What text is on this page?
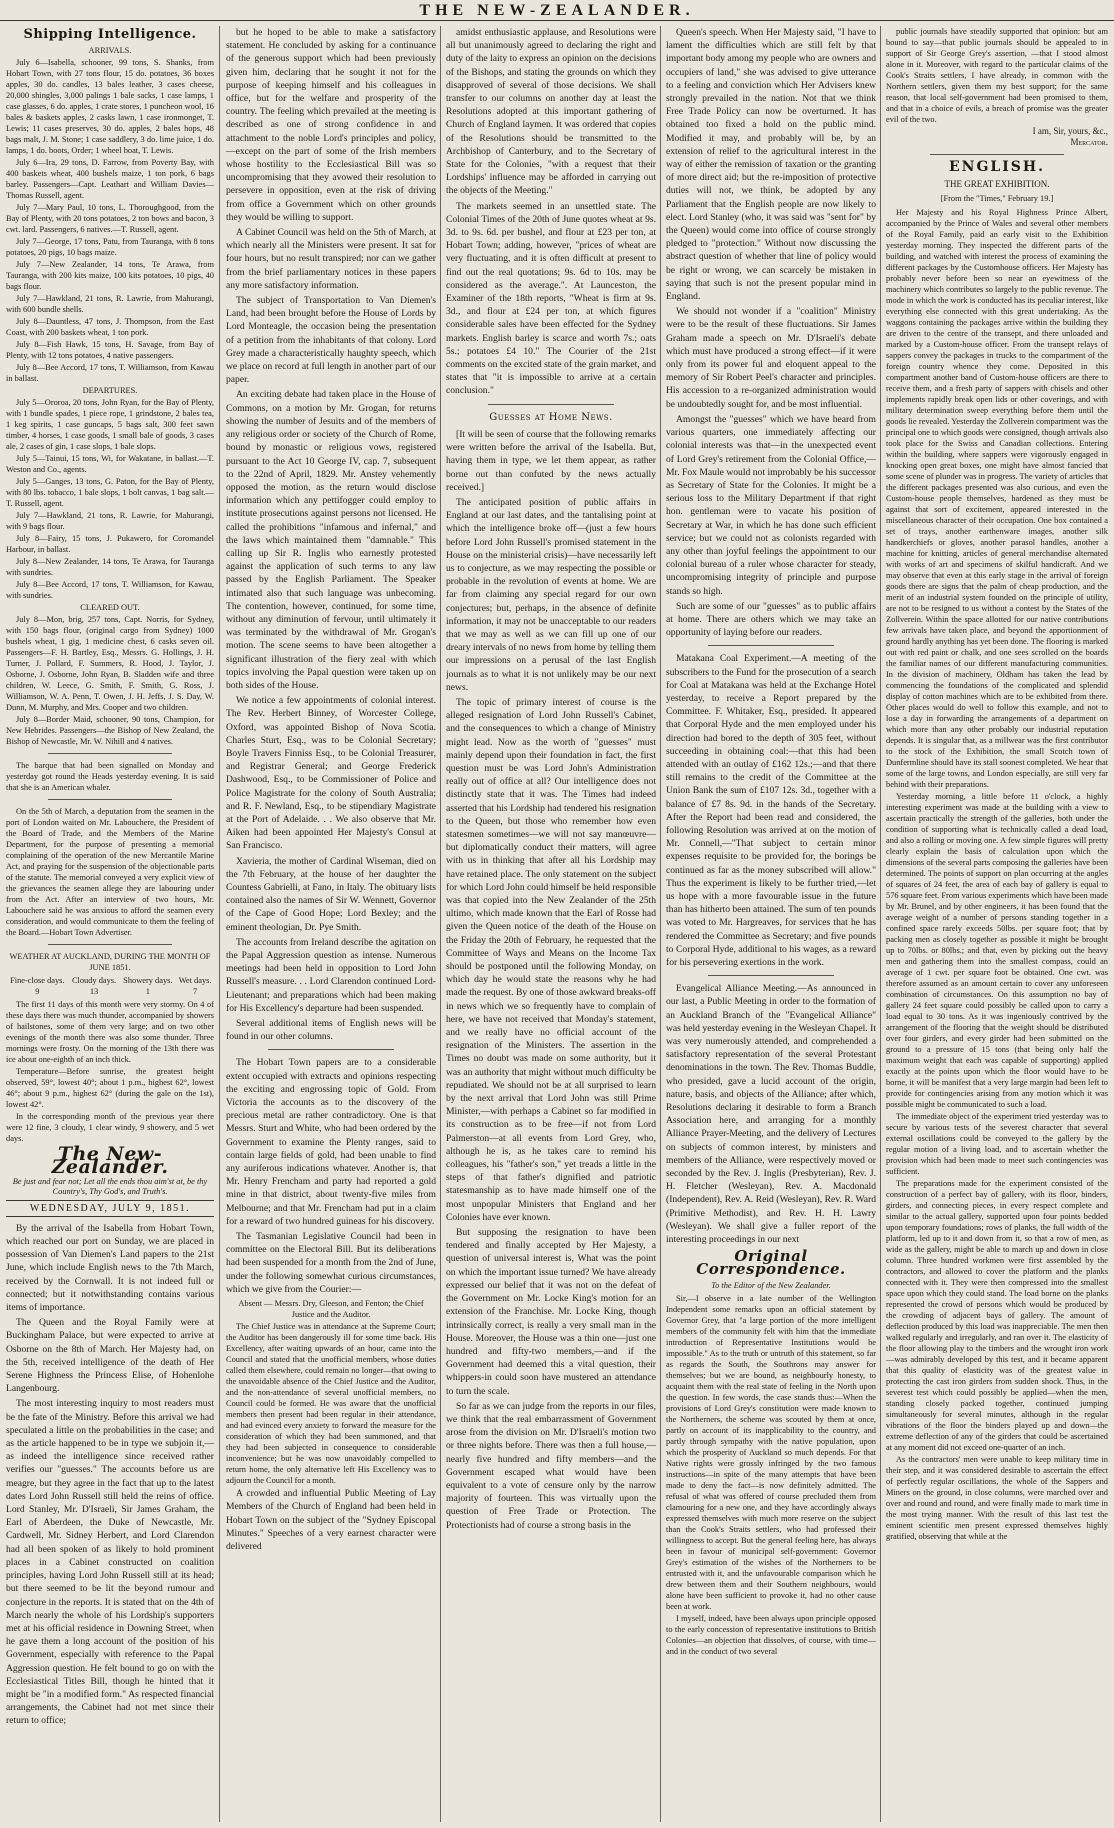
THE NEW-ZEALANDER.
Shipping Intelligence.

ARRIVALS.

July 6—Isabella, schooner, 99 tons, S. Shanks, from Hobart Town, with 27 tons flour, 15 do. potatoes, 36 boxes apples, 30 do. candles, 13 bales leather, 3 cases cheese, 20,000 shingles, 3,000 palings 1 bale sacks, 1 case lamps, 1 case glasses, 6 do. apples, 1 crate stores, 1 puncheon wool, 16 bales & baskets apples, 2 casks lawn, 1 case ironmonget, T. Lewis; 11 cases preserves, 30 do. apples, 2 bales hops, 48 bags malt, J. M. Stone; 1 case saddlery, 3 do. lime juice, 1 do. lamps, 1 do. boots, Order; 1 wheel boat, T. Lewis.

July 6—Ira, 29 tons, D. Farrow, from Poverty Bay, with 400 baskets wheat, 400 bushels maize, 1 ton pork, 6 bags barley. Passengers—Capt. Leathart and William Davies—Thomas Russell, agent.

July 7—Mary Paul, 10 tons, L. Thoroughgood, from the Bay of Plenty, with 20 tons potatoes, 2 ton bows and bacon, 3 cwt. lard. Passengers, 6 natives.—T. Russell, agent.

July 7—George, 17 tons, Patu, from Tauranga, with 8 tons potatoes, 20 pigs, 10 bags maize.

July 7—New Zealander, 14 tons, Te Arawa, from Tauranga, with 200 kits maize, 100 kits potatoes, 10 pigs, 40 bags flour.

July 7—Hawkland, 21 tons, R. Lawrie, from Mahurangi, with 600 bundle shells.

July 8—Dauntless, 47 tons, J. Thompson, from the East Coast, with 200 baskets wheat, 1 ton pork.

July 8—Fish Hawk, 15 tons, H. Savage, from Bay of Plenty, with 12 tons potatoes, 4 native passengers.

July 8—Bee Accord, 17 tons, T. Williamson, from Kawau in ballast.

DEPARTURES.

July 5—Ororoa, 20 tons, John Ryan, for the Bay of Plenty, with 1 bundle spades, 1 piece rope, 1 grindstone, 2 bales tea, 1 keg spirits, 1 case guncaps, 5 bags salt, 300 feet sawn timber, 4 horses, 1 case goods, 1 small bale of goods, 3 cases ale, 2 cases of gin, 1 case slops, 1 bale slops.

July 5—Tainui, 15 tons, Wi, for Wakatane, in ballast.—T. Weston and Co., agents.

July 5—Ganges, 13 tons, G. Paton, for the Bay of Plenty, with 80 lbs. tobacco, 1 bale slops, 1 bolt canvas, 1 bag salt.—T. Russell, agent.

July 7—Hawkland, 21 tons, R. Lawrie, for Mahurangi, with 9 bags flour.

July 8—Fairy, 15 tons, J. Pukawero, for Coromandel Harbour, in ballast.

July 8—New Zealander, 14 tons, Te Arawa, for Tauranga with sundries.

July 8—Bee Accord, 17 tons, T. Williamson, for Kawau, with sundries.

CLEARED OUT.

July 8—Mon, brig, 257 tons, Capt. Norris, for Sydney, with 150 bags flour, (original cargo from Sydney) 1000 bushels wheat, 1 gig, 1 medicine chest, 6 casks seven oil. Passengers—F. H. Bartley, Esq., Messrs. G. Hollings, J. H. Turner, J. Pollard, F. Summers, R. Hood, J. Taylor, J. Osborne, J. Osborne, John Ryan, B. Sladden wife and three children, W. Leece, G. Smith, F. Smith, G. Ross, J. Williamson, W. A. Penn, T. Owen, J. H. Jeffs, J. S. Day, W. Dunn, M. Murphy, and Mrs. Cooper and two children.

July 8—Border Maid, schooner, 90 tons, Champion, for New Hebrides. Passengers—the Bishop of New Zealand, the Bishop of Newcastle, Mr. W. Nihill and 4 natives.

The barque that had been signalled on Monday and yesterday got round the Heads yesterday evening. It is said that she is an American whaler.

On the 5th of March, a deputation from the seamen in the port of London waited on Mr. Labouchere, the President of the Board of Trade, and the Members of the Marine Department, for the purpose of presenting a memorial complaining of the operation of the new Mercantile Marine Act, and praying for the suspension of the objectionable parts of the statute. The memorial conveyed a very explicit view of the grievances the seamen allege they are labouring under from the Act. After an interview of two hours, Mr. Labouchere said he was anxious to afford the seamen every consideration, and would communicate to them the feeling of the Board.—Hobart Town Advertiser.

WEATHER AT AUCKLAND, DURING THE MONTH OF JUNE 1851.

Fine-close days.	Cloudy days.	Showery days.	Wet days.
9	13	1	7

The first 11 days of this month were very stormy. On 4 of these days there was much thunder, accompanied by showers of hailstones, some of them very large; and on two other evenings of the month there was also some thunder. Three mornings were frosty. On the morning of the 13th there was ice about one-eighth of an inch thick.

Temperature—Before sunrise, the greatest height observed, 59°, lowest 40°; about 1 p.m., highest 62°, lowest 46°; about 9 p.m., highest 62° (during the gale on the 1st), lowest 42°.

In the corresponding month of the previous year there were 12 fine, 3 cloudy, 1 clear windy, 9 showery, and 5 wet days.

The New-Zealander.
Be just and fear not; Let all the ends thou aim'st at, be thy Country's, Thy God's, and Truth's.
WEDNESDAY, JULY 9, 1851.

By the arrival of the Isabella from Hobart Town, which reached our port on Sunday, we are placed in possession of Van Diemen's Land papers to the 21st June, which include English news to the 7th March, received by the Cornwall. It is not indeed full or connected; but it notwithstanding contains various items of importance.

The Queen and the Royal Family were at Buckingham Palace, but were expected to arrive at Osborne on the 8th of March. Her Majesty had, on the 5th, received intelligence of the death of Her Serene Highness the Princess Elise, of Hohenlohe Langenbourg.

The most interesting inquiry to most readers must be the fate of the Ministry. Before this arrival we had speculated a little on the probabilities in the case; and as the article happened to be in type we subjoin it,—as indeed the intelligence since received rather verifies our "guesses." The accounts before us are meagre, but they agree in the fact that up to the latest dates Lord John Russell still held the reins of office. Lord Stanley, Mr. D'Israeli, Sir James Graham, the Earl of Aberdeen, the Duke of Newcastle, Mr. Cardwell, Mr. Sidney Herbert, and Lord Clarendon had all been spoken of as likely to hold prominent places in a Cabinet constructed on coalition principles, having Lord John Russell still at its head; but there seemed to be lit the beyond rumour and conjecture in the reports. It is stated that on the 4th of March nearly the whole of his Lordship's supporters met at his official residence in Downing Street, when he gave them a long account of the position of his Government, especially with reference to the Papal Aggression question. He felt bound to go on with the Ecclesiastical Titles Bill, though he hinted that it might be "in a modified form." As respected financial arrangements, the Cabinet had not met since their return to office;

but he hoped to be able to make a satisfactory statement. He concluded by asking for a continuance of the generous support which had been previously given him, declaring that he sought it not for the purpose of keeping himself and his colleagues in office, but for the welfare and prosperity of the country. The feeling which prevailed at the meeting is described as one of strong confidence in and attachment to the noble Lord's principles and policy,—except on the part of some of the Irish members whose hostility to the Ecclesiastical Bill was so uncompromising that they avowed their resolution to persevere in opposition, even at the risk of driving from office a Government which on other grounds they would be willing to support.

A Cabinet Council was held on the 5th of March, at which nearly all the Ministers were present. It sat for four hours, but no result transpired; nor can we gather from the brief parliamentary notices in these papers any more satisfactory information.

The subject of Transportation to Van Diemen's Land, had been brought before the House of Lords by Lord Monteagle, the occasion being the presentation of a petition from the inhabitants of that colony. Lord Grey made a characteristically haughty speech, which we place on record at full length in another part of our paper.

An exciting debate had taken place in the House of Commons, on a motion by Mr. Grogan, for returns showing the number of Jesuits and of the members of any religious order or society of the Church of Rome, bound by monastic or religious vows, registered pursuant to the Act 10 George IV, cap. 7, subsequent to the 22nd of April, 1829. Mr. Anstey vehemently opposed the motion, as the return would disclose information which any pettifogger could employ to institute prosecutions against persons not licensed. He called the prohibitions "infamous and infernal," and the laws which maintained them "damnable." This calling up Sir R. Inglis who earnestly protested against the application of such terms to any law passed by the English Parliament. The Speaker intimated also that such language was unbecoming. The contention, however, continued, for some time, without any diminution of fervour, until ultimately it was terminated by the withdrawal of Mr. Grogan's motion. The scene seems to have been altogether a significant illustration of the fiery zeal with which topics involving the Papal question were taken up on both sides of the House.

We notice a few appointments of colonial interest. The Rev. Herbert Binney, of Worcester College, Oxford, was appointed Bishop of Nova Scotia. Charles Sturt, Esq., was to be Colonial Secretary; Boyle Travers Finniss Esq., to be Colonial Treasurer, and Registrar General; and George Frederick Dashwood, Esq., to be Commissioner of Police and Police Magistrate for the colony of South Australia; and R. F. Newland, Esq., to be stipendiary Magistrate at the Port of Adelaide. . . We also observe that Mr. Aiken had been appointed Her Majesty's Consul at San Francisco.

Xavieria, the mother of Cardinal Wiseman, died on the 7th February, at the house of her daughter the Countess Gabrielli, at Fano, in Italy. The obituary lists contained also the names of Sir W. Wennett, Governor of the Cape of Good Hope; Lord Bexley; and the eminent theologian, Dr. Pye Smith.

The accounts from Ireland describe the agitation on the Papal Aggression question as intense. Numerous meetings had been held in opposition to Lord John Russell's measure. . . Lord Clarendon continued Lord-Lieutenant; and preparations which had been making for His Excellency's departure had been suspended.

Several additional items of English news will be found in our other columns.

The Hobart Town papers are to a considerable extent occupied with extracts and opinions respecting the exciting and engrossing topic of Gold. From Victoria the accounts as to the discovery of the precious metal are rather contradictory. One is that Messrs. Sturt and White, who had been ordered by the Government to examine the Plenty ranges, said to contain large fields of gold, had been unable to find any auriferous indications whatever. Another is, that Mr. Henry Frencham and party had reported a gold mine in that district, about twenty-five miles from Melbourne; and that Mr. Frencham had put in a claim for a reward of two hundred guineas for his discovery.

The Tasmanian Legislative Council had been in committee on the Electoral Bill. But its deliberations had been suspended for a month from the 2nd of June, under the following somewhat curious circumstances, which we give from the Courier:—

Absent — Messrs. Dry, Gleeson, and Fenton; the Chief Justice and the Auditor.

The Chief Justice was in attendance at the Supreme Court; the Auditor has been dangerously ill for some time back. His Excellency, after waiting upwards of an hour, came into the Council and stated that the unofficial members, whose duties called them elsewhere, could remain no longer—that owing to the unavoidable absence of the Chief Justice and the Auditor, and the non-attendance of several unofficial members, no Council could be formed. He was aware that the unofficial members then present had been regular in their attendance, and had evinced every anxiety to forward the measure for the consideration of which they had been summoned, and that they had been subjected in consequence to considerable inconvenience; but he was now unavoidably compelled to return home, the only alternative left His Excellency was to adjourn the Council for a month.

A crowded and influential Public Meeting of Lay Members of the Church of England had been held in Hobart Town on the subject of the "Sydney Episcopal Minutes." Speeches of a very earnest character were delivered

amidst enthusiastic applause, and Resolutions were all but unanimously agreed to declaring the right and duty of the laity to express an opinion on the decisions of the Bishops, and stating the grounds on which they disapproved of several of those decisions. We shall transfer to our columns on another day at least the Resolutions adopted at this important gathering of Church of England laymen. It was ordered that copies of the Resolutions should be transmitted to the Archbishop of Canterbury, and to the Secretary of State for the Colonies, "with a request that their Lordships' influence may be afforded in carrying out the objects of the Meeting."

The markets seemed in an unsettled state. The Colonial Times of the 20th of June quotes wheat at 9s. 3d. to 9s. 6d. per bushel, and flour at £23 per ton, at Hobart Town; adding, however, "prices of wheat are very fluctuating, and it is often difficult at present to find out the real quotations; 9s. 6d to 10s. may be considered as the average.". At Launceston, the Examiner of the 18th reports, "Wheat is firm at 9s. 3d., and flour at £24 per ton, at which figures considerable sales have been effected for the Sydney markets. English barley is scarce and worth 7s.; oats 5s.; potatoes £4 10." The Courier of the 21st comments on the excited state of the grain market, and states that "it is impossible to arrive at a certain conclusion."

Guesses at Home News.

[It will be seen of course that the following remarks were written before the arrival of the Isabella. But, having them in type, we let them appear, as rather borne out than confuted by the news actually received.]

The anticipated position of public affairs in England at our last dates, and the tantalising point at which the intelligence broke off—(just a few hours before Lord John Russell's promised statement in the House on the ministerial crisis)—have necessarily left us to conjecture, as we may respecting the possible or probable in the revolution of events at home. We are far from claiming any special regard for our own conjectures; but, perhaps, in the absence of definite information, it may not be unacceptable to our readers that we may as well as we can fill up one of our dreary intervals of no news from home by telling them our impressions on a perusal of the last English journals as to what it is not unlikely may be our next news.

The topic of primary interest of course is the alleged resignation of Lord John Russell's Cabinet, and the consequences to which a change of Ministry might lead. Now as the worth of "guesses" must mainly depend upon their foundation in fact, the first question must be was Lord John's Administration really out of office at all? Our intelligence does not distinctly state that it was. The Times had indeed asserted that his Lordship had tendered his resignation to the Queen, but those who remember how even statesmen sometimes—we will not say manœuvre—but diplomatically conduct their matters, will agree with us in thinking that after all his Lordship may have retained place. The only statement on the subject for which Lord John could himself be held responsible was that copied into the New Zealander of the 25th ultimo, which made known that the Earl of Rosse had given the Queen notice of the death of the House on the Friday the 20th of February, he requested that the Committee of Ways and Means on the Income Tax should be postponed until the following Monday, on which day he would state the reasons why he had made the request. By one of those awkward breaks-off in news which we so frequently have to complain of here, we have not received that Monday's statement, and we really have no official account of the resignation of the Ministers. The assertion in the Times no doubt was made on some authority, but it was an authority that might without much difficulty be repudiated. We should not be at all surprised to learn by the next arrival that Lord John was still Prime Minister,—with perhaps a Cabinet so far modified in its construction as to be free—if not from Lord Palmerston—at all events from Lord Grey, who, although he is, as he takes care to remind his colleagues, his "father's son," yet treads a little in the steps of that father's dignified and patriotic statesmanship as to have made himself one of the most unpopular Ministers that England and her Colonies have ever known.

But supposing the resignation to have been tendered and finally accepted by Her Majesty, a question of universal interest is, What was the point on which the important issue turned? We have already expressed our belief that it was not on the defeat of the Government on Mr. Locke King's motion for an extension of the Franchise. Mr. Locke King, though intrinsically correct, is really a very small man in the House. Moreover, the House was a thin one—just one hundred and fifty-two members,—and if the Government had deemed this a vital question, their whippers-in could soon have mustered an attendance to turn the scale.

So far as we can judge from the reports in our files, we think that the real embarrassment of Government arose from the division on Mr. D'Israeli's motion two or three nights before. There was then a full house,—nearly five hundred and fifty members—and the Government escaped what would have been equivalent to a vote of censure only by the narrow majority of fourteen. This was virtually upon the question of Free Trade or Protection. The Protectionists had of course a strong basis in the

Queen's speech. When Her Majesty said, "I have to lament the difficulties which are still felt by that important body among my people who are owners and occupiers of land," she was advised to give utterance to a feeling and conviction which Her Advisers knew strongly prevailed in the nation. Not that we think Free Trade Policy can now be overturned. It has obtained too fixed a hold on the public mind. Modified it may, and probably will be, by an extension of relief to the agricultural interest in the way of either the remission of taxation or the granting of more direct aid; but the re-imposition of protective duties will not, we think, be adopted by any Parliament that the English people are now likely to elect. Lord Stanley (who, it was said was "sent for" by the Queen) would come into office of course strongly pledged to "protection." Without now discussing the abstract question of whether that line of policy would be right or wrong, we can scarcely be mistaken in saying that such is not the present popular mind in England.

We should not wonder if a "coalition" Ministry were to be the result of these fluctuations. Sir James Graham made a speech on Mr. D'Israeli's debate which must have produced a strong effect—if it were only from its power ful and eloquent appeal to the memory of Sir Robert Peel's character and principles. His accession to a re-organized administration would be undoubtedly sought for, and be most influential.

Amongst the "guesses" which we have heard from various quarters, one immediately affecting our colonial interests was that—in the unexpected event of Lord Grey's retirement from the Colonial Office,—Mr. Fox Maule would not improbably be his successor as Secretary of State for the Colonies. It might be a serious loss to the Military Department if that right hon. gentleman were to vacate his position of Secretary at War, in which he has done such efficient service; but we could not as colonists regarded with any other than joyful feelings the appointment to our colonial bureau of a ruler whose character for steady, uncompromising integrity of principle and purpose stands so high.

Such are some of our "guesses" as to public affairs at home. There are others which we may take an opportunity of laying before our readers.

Matakana Coal Experiment.—A meeting of the subscribers to the Fund for the prosecution of a search for Coal at Matakana was held at the Exchange Hotel yesterday, to receive a Report prepared by the Committee. F. Whitaker, Esq., presided. It appeared that Corporal Hyde and the men employed under his direction had bored to the depth of 305 feet, without succeeding in obtaining coal:—that this had been attended with an outlay of £162 12s.;—and that there still remains to the credit of the Committee at the Union Bank the sum of £107 12s. 3d., together with a balance of £7 8s. 9d. in the hands of the Secretary. After the Report had been read and considered, the following Resolution was arrived at on the motion of Mr. Connell,—"That subject to certain minor expenses requisite to be provided for, the borings be continued as far as the money subscribed will allow." Thus the experiment is likely to be further tried,—let us hope with a more favourable issue in the future than has hitherto been attained. The sum of ten pounds was voted to Mr. Hargreaves, for services that he has rendered the Committee as Secretary; and five pounds to Corporal Hyde, additional to his wages, as a reward for his persevering exertions in the work.

Evangelical Alliance Meeting.—As announced in our last, a Public Meeting in order to the formation of an Auckland Branch of the "Evangelical Alliance" was held yesterday evening in the Wesleyan Chapel. It was very numerously attended, and comprehended a satisfactory representation of the several Protestant denominations in the town. The Rev. Thomas Buddle, who presided, gave a lucid account of the origin, nature, basis, and objects of the Alliance; after which, Resolutions declaring it desirable to form a Branch Association here, and arranging for a monthly Alliance Prayer-Meeting, and the delivery of Lectures on subjects of common interest, by ministers and members of the Alliance, were respectively moved or seconded by the Rev. J. Inglis (Presbyterian), Rev. J. H. Fletcher (Wesleyan), Rev. A. Macdonald (Independent), Rev. A. Reid (Wesleyan), Rev. R. Ward (Primitive Methodist), and Rev. H. H. Lawry (Wesleyan). We shall give a fuller report of the interesting proceedings in our next

Original Correspondence.
To the Editor of the New Zealander.

Sir,—I observe in a late number of the Wellington Independent some remarks upon an official statement by Governor Grey, that "a large portion of the more intelligent members of the community felt with him that the immediate introduction of Representative Institutions would be impossible." As to the truth or untruth of this statement, so far as regards the South, the Southrons may answer for themselves; but we are bound, as neighbourly honesty, to acquaint them with the real state of feeling in the North upon the question. In few words, the case stands thus:—When the provisions of Lord Grey's constitution were made known to the Northerners, the scheme was scouted by them at once, partly on account of its inapplicability to the country, and partly through sympathy with the native population, upon which the prosperity of Auckland so much depends. For that Native rights were grossly infringed by the two famous instructions—in spite of the many attempts that have been made to deny the fact—is now definitely admitted. The refusal of what was offered of course precluded them from clamouring for a new one, and they have accordingly always expressed themselves with much more reserve on the subject than the Cook's Straits settlers, who had professed their willingness to accept. But the general feeling here, has always been in favour of municipal self-government: Governor Grey's estimation of the wishes of the Northerners to be entrusted with it, and the unfavourable comparison which he drew between them and their Southern neighbours, would alone have been sufficient to provoke it, had no other cause been at work.

I myself, indeed, have been always upon principle opposed to the early concession of representative institutions to British Colonies—an objection that dissolves, of course, with time—and in the conduct of two several

public journals have steadily supported that opinion: but am bound to say—that public journals should be appealed to in support of Sir George Grey's assertion, —that I stood almost alone in it. Moreover, with regard to the particular claims of the Cook's Straits settlers, I have already, in common with the Northern settlers, given them my best support; for the same reason, that local self-government had been promised to them, and that in a choice of evils, a breach of promise was the greater evil of the two.

I am, Sir, yours, &c.,
Mercator.
ENGLISH.
THE GREAT EXHIBITION.
[From the "Times," February 19.]

Her Majesty and his Royal Highness Prince Albert, accompanied by the Prince of Wales and several other members of the Royal Family, paid an early visit to the Exhibition yesterday morning. They inspected the different parts of the building, and watched with interest the process of examining the different packages by the Customhouse officers. Her Majesty has probably never before been so near an eyewitness of the machinery which contributes so largely to the public revenue. The mode in which the work is conducted has its peculiar interest, like everything else connected with this great undertaking. As the waggons containing the packages arrive within the building they are driven to the centre of the transept, and there unloaded and marked by a Custom-house officer. From the transept relays of sappers convey the packages in trucks to the compartment of the foreign country whence they come. Deposited in this compartment another band of Custom-house officers are there to receive them, and a fresh party of sappers with chisels and other implements rapidly break open lids or other coverings, and with military determination sweep everything before them until the goods lie revealed. Yesterday the Zollverein compartment was the principal one to which goods were consigned, though arrivals also took place for the Swiss and Canadian collections. Entering within the building, where sappers were vigorously engaged in knocking open great boxes, one might have almost fancied that some scene of plunder was in progress. The variety of articles that the different packages presented was also curious, and even the Custom-house people themselves, hardened as they must be against that sort of excitement, appeared interested in the miscellaneous character of their occupation. One box contained a set of trays, another earthenware images, another silk handkerchiefs or gloves, another parasol handles, another a machine for knitting, articles of general merchandise alternated with works of art and specimens of skilful handicraft. And we may observe that even at this early stage in the arrival of foreign goods there are signs that the palm of cheap production, and the merit of an industrial system founded on the principle of utility, are not to be resigned to us without a contest by the States of the Zollverein. Within the space allotted for our native contributions few arrivals have taken place, and beyond the apportionment of ground hardly anything has yet been done. The flooring is marked out with red paint or chalk, and one sees scrolled on the boards the familiar names of our different manufacturing communities. In the division of machinery, Oldham has taken the lead by commencing the foundations of the complicated and splendid display of cotton machines which are to be exhibited from there. Other places would do well to follow this example, and not to lose a day in forwarding the arrangements of a department on which more than any other probably our industrial reputation depends. It is singular that, as a millwear was the first contributor to the stock of the Exhibition, the small Scotch town of Dunfermline should have its stall soonest completed. We hear that some of the large towns, and London especially, are still very far behind with their preparations.

Yesterday morning, a little before 11 o'clock, a highly interesting experiment was made at the building with a view to ascertain practically the strength of the galleries, both under the condition of supporting what is technically called a dead load, and also a rolling or moving one. A few simple figures will pretty clearly explain the basis of calculation upon which the dimensions of the several parts composing the galleries have been determined. The points of support on plan occurring at the angles of squares of 24 feet, the area of each bay of gallery is equal to 576 square feet. From various experiments which have been made by Mr. Brunel, and by other engineers, it has been found that the average weight of a number of persons standing together in a confined space rarely exceeds 50lbs. per square foot; that by packing men as closely together as possible it might be brought up to 70lbs. or 80lbs.; and that, even by picking out the heavy men and gathering them into the smallest compass, could an average of 1 cwt. per square foot be obtained. One cwt. was therefore assumed as an amount certain to cover any unforeseen combination of circumstances. On this assumption no bay of gallery 24 feet square could possibly be called upon to carry a load equal to 30 tons. As it was ingeniously contrived by the arrangement of the flooring that the weight should be distributed over four girders, and every girder had been submitted on the ground to a pressure of 15 tons (that being only half the maximum weight that each was capable of supporting) applied exactly at the points upon which the floor would have to be borne, it will be manifest that a very large margin had been left to provide for contingencies arising from any motion which it was possible might be communicated to such a load.

The immediate object of the experiment tried yesterday was to secure by various tests of the severest character that several external oscillations could be conveyed to the gallery by the regular motion of a living load, and to ascertain whether the provision which had been made to meet such contingencies was sufficient.

The preparations made for the experiment consisted of the construction of a perfect bay of gallery, with its floor, binders, girders, and connecting pieces, in every respect complete and similar to the actual gallery, supported upon four points bedded upon temporary foundations; rows of planks, the full width of the platform, led up to it and down from it, so that a row of men, as wide as the gallery, might be able to march up and down in close column. Three hundred workmen were first assembled by the contractors, and allowed to cover the platform and the planks connected with it. They were then compressed into the smallest space upon which they could stand. The load borne on the planks represented the crowd of persons which would be produced by the crowding of adjacent bays of gallery. The amount of deflection produced by this load was inappreciable. The men then walked regularly and irregularly, and ran over it. The elasticity of the floor allowing play to the timbers and the wrought iron work—was admirably developed by this test, and it became apparent that this quality of elasticity was of the greatest value in protecting the cast iron girders from sudden shock. Thus, in the severest test which could possibly be applied—when the men, standing closely packed together, continued jumping simultaneously for several minutes, although in the regular vibrations of the floor the binders played up and down—the extreme deflection of any of the girders that could be ascertained at any moment did not exceed one-quarter of an inch.

As the contractors' men were unable to keep military time in their step, and it was considered desirable to ascertain the effect of perfectly regular oscillations, the whole of the Sappers and Miners on the ground, in close columns, were marched over and over and round and round, and were finally made to mark time in the most trying manner. With the result of this last test the eminent scientific men present expressed themselves highly gratified, observing that while at the
